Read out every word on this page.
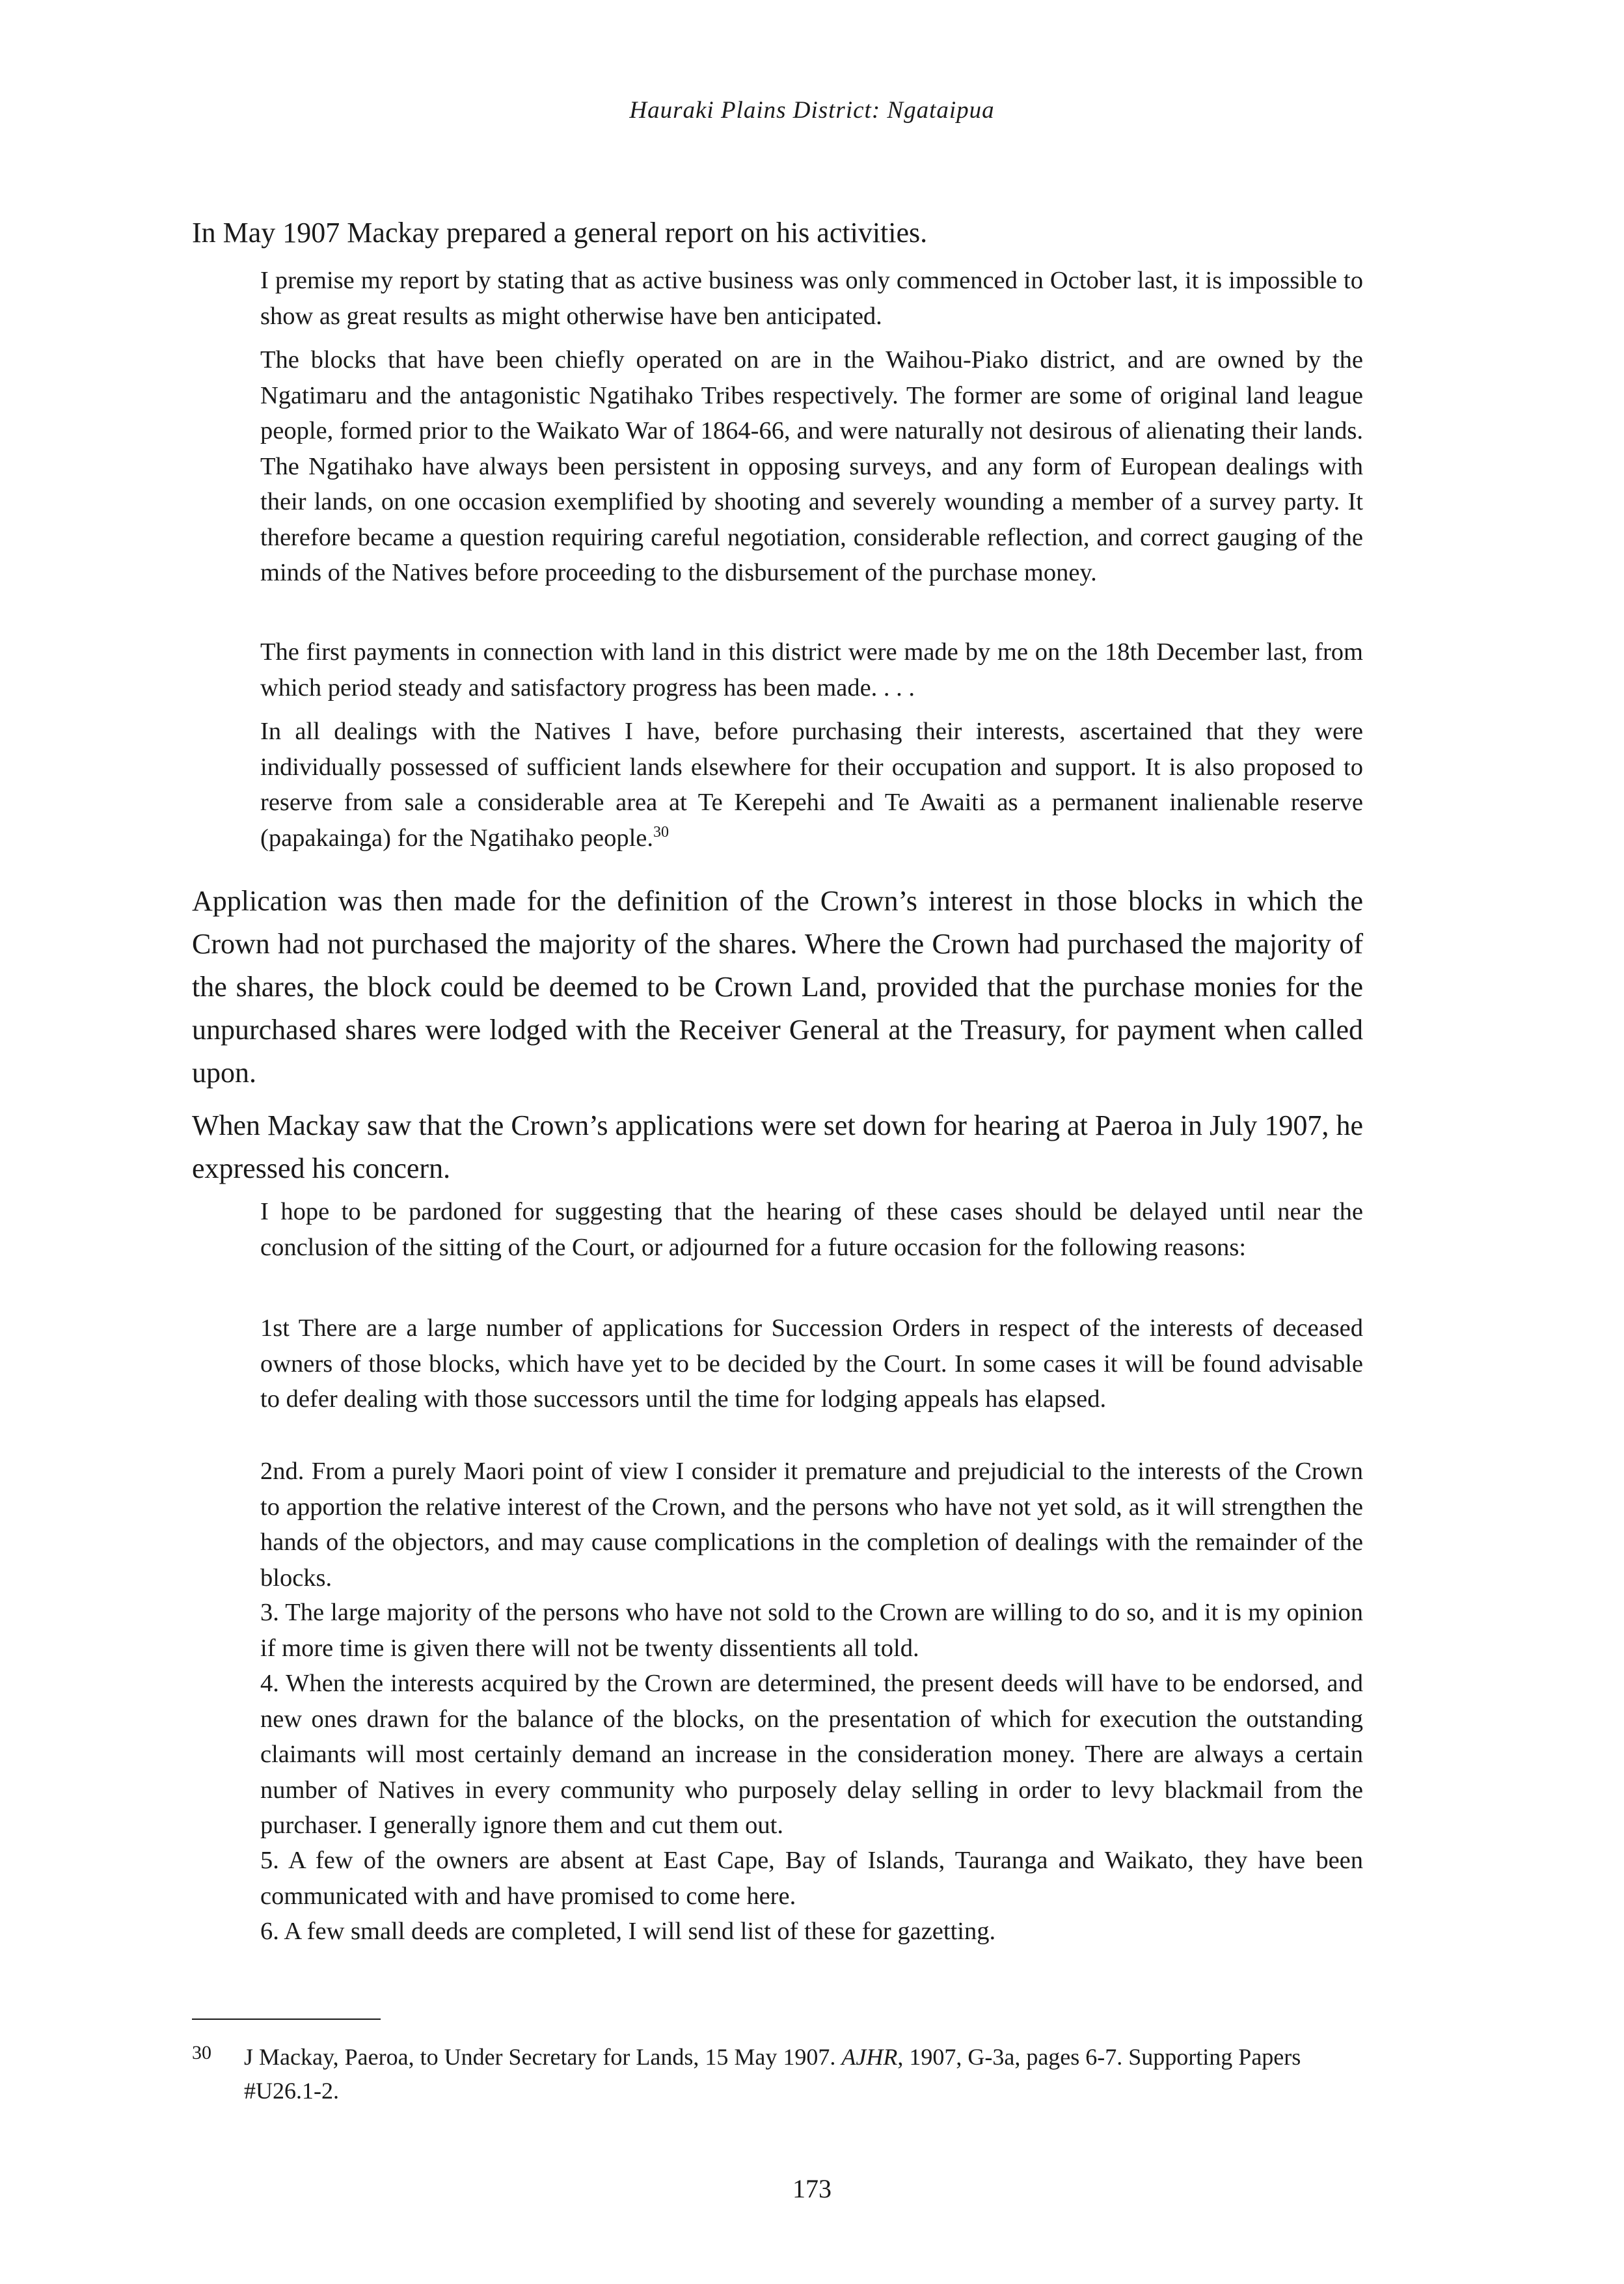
Hauraki Plains District: Ngataipua

In May 1907 Mackay prepared a general report on his activities.

I premise my report by stating that as active business was only commenced in October last, it is impossible to show as great results as might otherwise have ben anticipated.

The blocks that have been chiefly operated on are in the Waihou-Piako district, and are owned by the Ngatimaru and the antagonistic Ngatihako Tribes respectively. The former are some of original land league people, formed prior to the Waikato War of 1864-66, and were naturally not desirous of alienating their lands. The Ngatihako have always been persistent in opposing surveys, and any form of European dealings with their lands, on one occasion exemplified by shooting and severely wounding a member of a survey party. It therefore became a question requiring careful negotiation, considerable reflection, and correct gauging of the minds of the Natives before proceeding to the disbursement of the purchase money.

The first payments in connection with land in this district were made by me on the 18th December last, from which period steady and satisfactory progress has been made. . . .

In all dealings with the Natives I have, before purchasing their interests, ascertained that they were individually possessed of sufficient lands elsewhere for their occupation and support. It is also proposed to reserve from sale a considerable area at Te Kerepehi and Te Awaiti as a permanent inalienable reserve (papakainga) for the Ngatihako people.$^{30}$

Application was then made for the definition of the Crown’s interest in those blocks in which the Crown had not purchased the majority of the shares. Where the Crown had purchased the majority of the shares, the block could be deemed to be Crown Land, provided that the purchase monies for the unpurchased shares were lodged with the Receiver General at the Treasury, for payment when called upon.

When Mackay saw that the Crown’s applications were set down for hearing at Paeroa in July 1907, he expressed his concern.

I hope to be pardoned for suggesting that the hearing of these cases should be delayed until near the conclusion of the sitting of the Court, or adjourned for a future occasion for the following reasons:

1st There are a large number of applications for Succession Orders in respect of the interests of deceased owners of those blocks, which have yet to be decided by the Court. In some cases it will be found advisable to defer dealing with those successors until the time for lodging appeals has elapsed.

2nd. From a purely Maori point of view I consider it premature and prejudicial to the interests of the Crown to apportion the relative interest of the Crown, and the persons who have not yet sold, as it will strengthen the hands of the objectors, and may cause complications in the completion of dealings with the remainder of the blocks.

3. The large majority of the persons who have not sold to the Crown are willing to do so, and it is my opinion if more time is given there will not be twenty dissentients all told.

4. When the interests acquired by the Crown are determined, the present deeds will have to be endorsed, and new ones drawn for the balance of the blocks, on the presentation of which for execution the outstanding claimants will most certainly demand an increase in the consideration money. There are always a certain number of Natives in every community who purposely delay selling in order to levy blackmail from the purchaser. I generally ignore them and cut them out.

5. A few of the owners are absent at East Cape, Bay of Islands, Tauranga and Waikato, they have been communicated with and have promised to come here.

6. A few small deeds are completed, I will send list of these for gazetting.

30 J Mackay, Paeroa, to Under Secretary for Lands, 15 May 1907. AJHR, 1907, G-3a, pages 6-7. Supporting Papers #U26.1-2.
173
